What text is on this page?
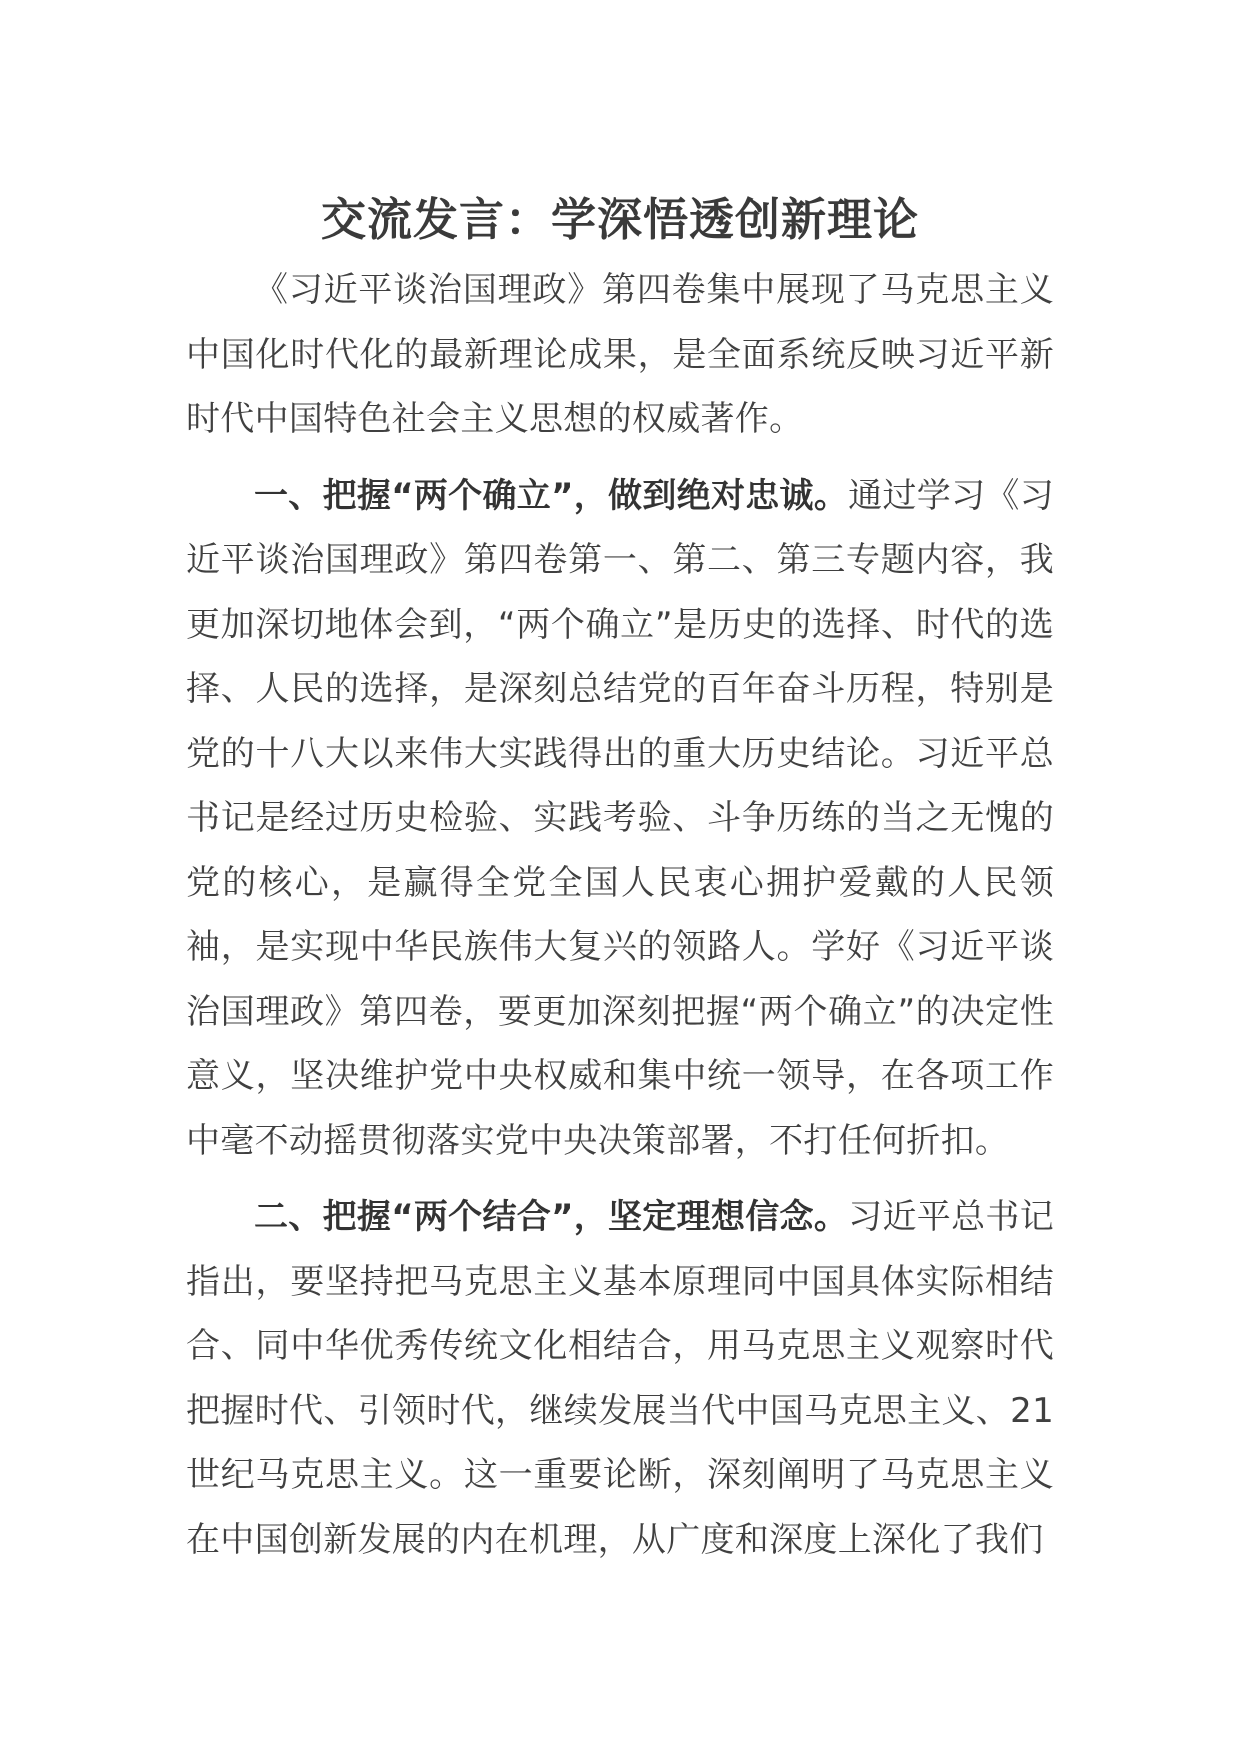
交流发言：学深悟透创新理论

《习近平谈治国理政》第四卷集中展现了马克思主义中国化时代化的最新理论成果，是全面系统反映习近平新时代中国特色社会主义思想的权威著作。

一、把握“两个确立”，做到绝对忠诚。通过学习《习近平谈治国理政》第四卷第一、第二、第三专题内容，我更加深切地体会到，“两个确立”是历史的选择、时代的选择、人民的选择，是深刻总结党的百年奋斗历程，特别是党的十八大以来伟大实践得出的重大历史结论。习近平总书记是经过历史检验、实践考验、斗争历练的当之无愧的党的核心，是赢得全党全国人民衷心拥护爱戴的人民领袖，是实现中华民族伟大复兴的领路人。学好《习近平谈治国理政》第四卷，要更加深刻把握“两个确立”的决定性意义，坚决维护党中央权威和集中统一领导，在各项工作中毫不动摇贯彻落实党中央决策部署，不打任何折扣。

二、把握“两个结合”，坚定理想信念。习近平总书记指出，要坚持把马克思主义基本原理同中国具体实际相结合、同中华优秀传统文化相结合，用马克思主义观察时代把握时代、引领时代，继续发展当代中国马克思主义、21世纪马克思主义。这一重要论断，深刻阐明了马克思主义在中国创新发展的内在机理，从广度和深度上深化了我们
